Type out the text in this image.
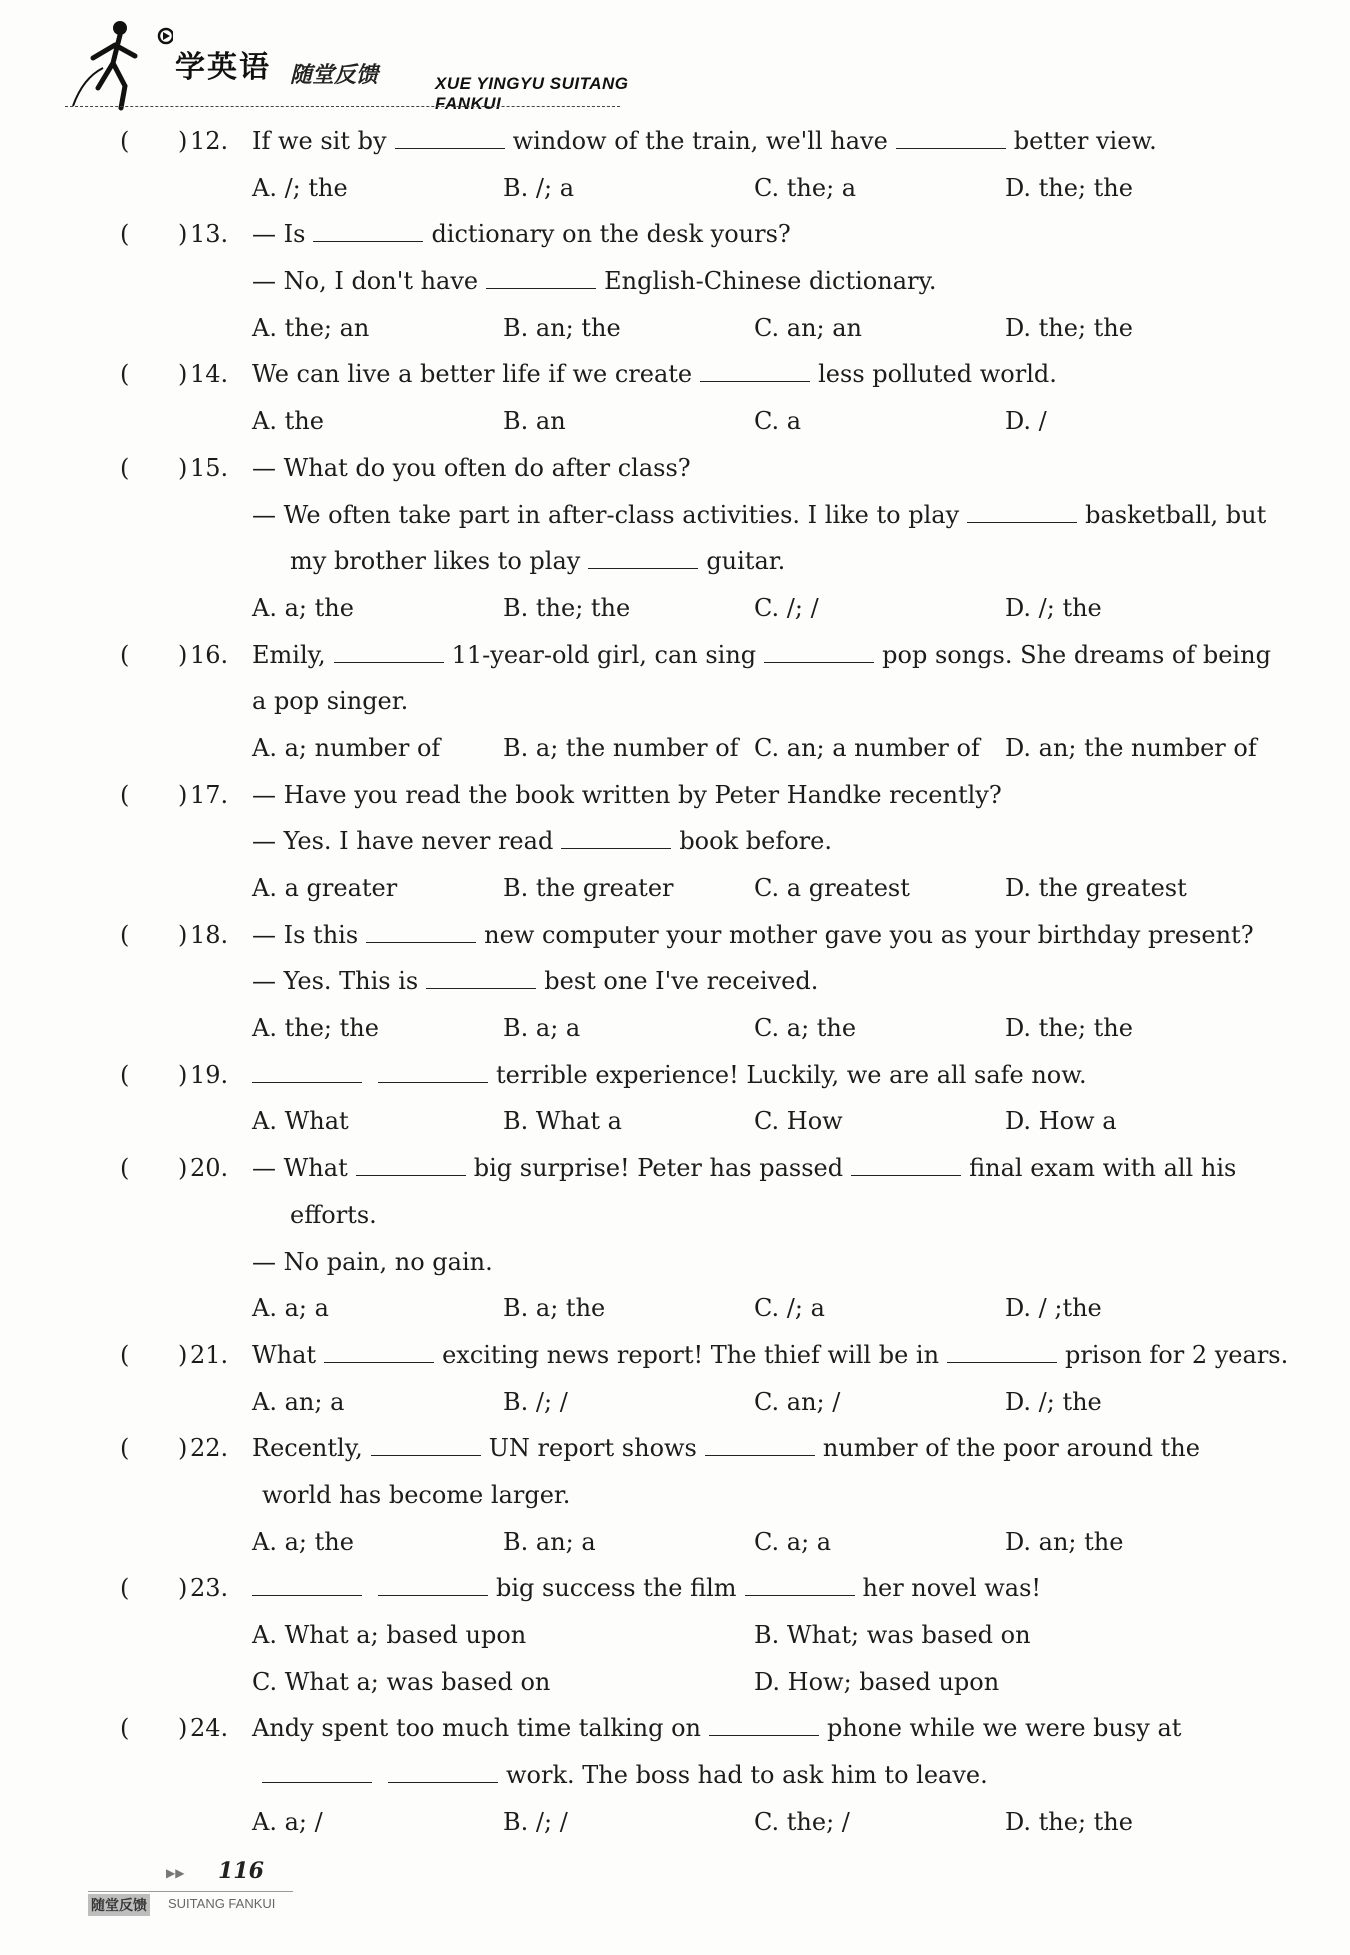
学英语 随堂反馈	XUE YINGYU SUITANG FANKUI
(	12.
)	If we sit by	window of the train, we'll have	better view.
A. /; the	B. /; a	C. the; a	D. the; the
(	13.
)	— Is	dictionary on the desk yours?
— No, I don't have	English-Chinese dictionary.
A. the; an	B. an; the	C. an; an	D. the; the
(	14.
)	We can live a better life if we create	less polluted world.
A. the	B. an	C. a	D. /
(	15.
)	— What do you often do after class?
— We often take part in after-class activities. I like to play	basketball, but
my brother likes to play	guitar.
A. a; the	B. the; the	C. /; /	D. /; the
(	16.
)	Emily,	11-year-old girl, can sing	pop songs. She dreams of being
a pop singer.
A. a; number of	B. a; the number of C. an; a number of D. an; the number of
(	17.
)	— Have you read the book written by Peter Handke recently?
— Yes. I have never read	book before.
A. a greater	B. the greater	C. a greatest	D. the greatest
(	18.
)	— Is this	new computer your mother gave you as your birthday present?
— Yes. This is	best one I've received.
A. the; the	B. a; a	C. a; the	D. the; the
(	19.
)	terrible experience! Luckily, we are all safe now.
A. What	B. What a	C. How	D. How a
(	20.
)	— What	big surprise! Peter has passed	final exam with all his
efforts.
— No pain, no gain.
A. a; a	B. a; the	C. /; a	D. / ;the
(	21.
)	What	exciting news report! The thief will be in	prison for 2 years.
A. an; a	B. /; /	C. an; /	D. /; the
(	22.
)	Recently,	UN report shows	number of the poor around the
world has become larger.
A. a; the	B. an; a	C. a; a	D. an; the
(	23.
)	big success the film	her novel was!
A. What a; based upon	B. What; was based on
C. What a; was based on	D. How; based upon
(	24.
)	Andy spent too much time talking on	phone while we were busy at
work. The boss had to ask him to leave.
A. a; /	B. /; /	C. the; /	D. the; the
▶▶ 116
随堂反馈 SUITANG FANKUI
